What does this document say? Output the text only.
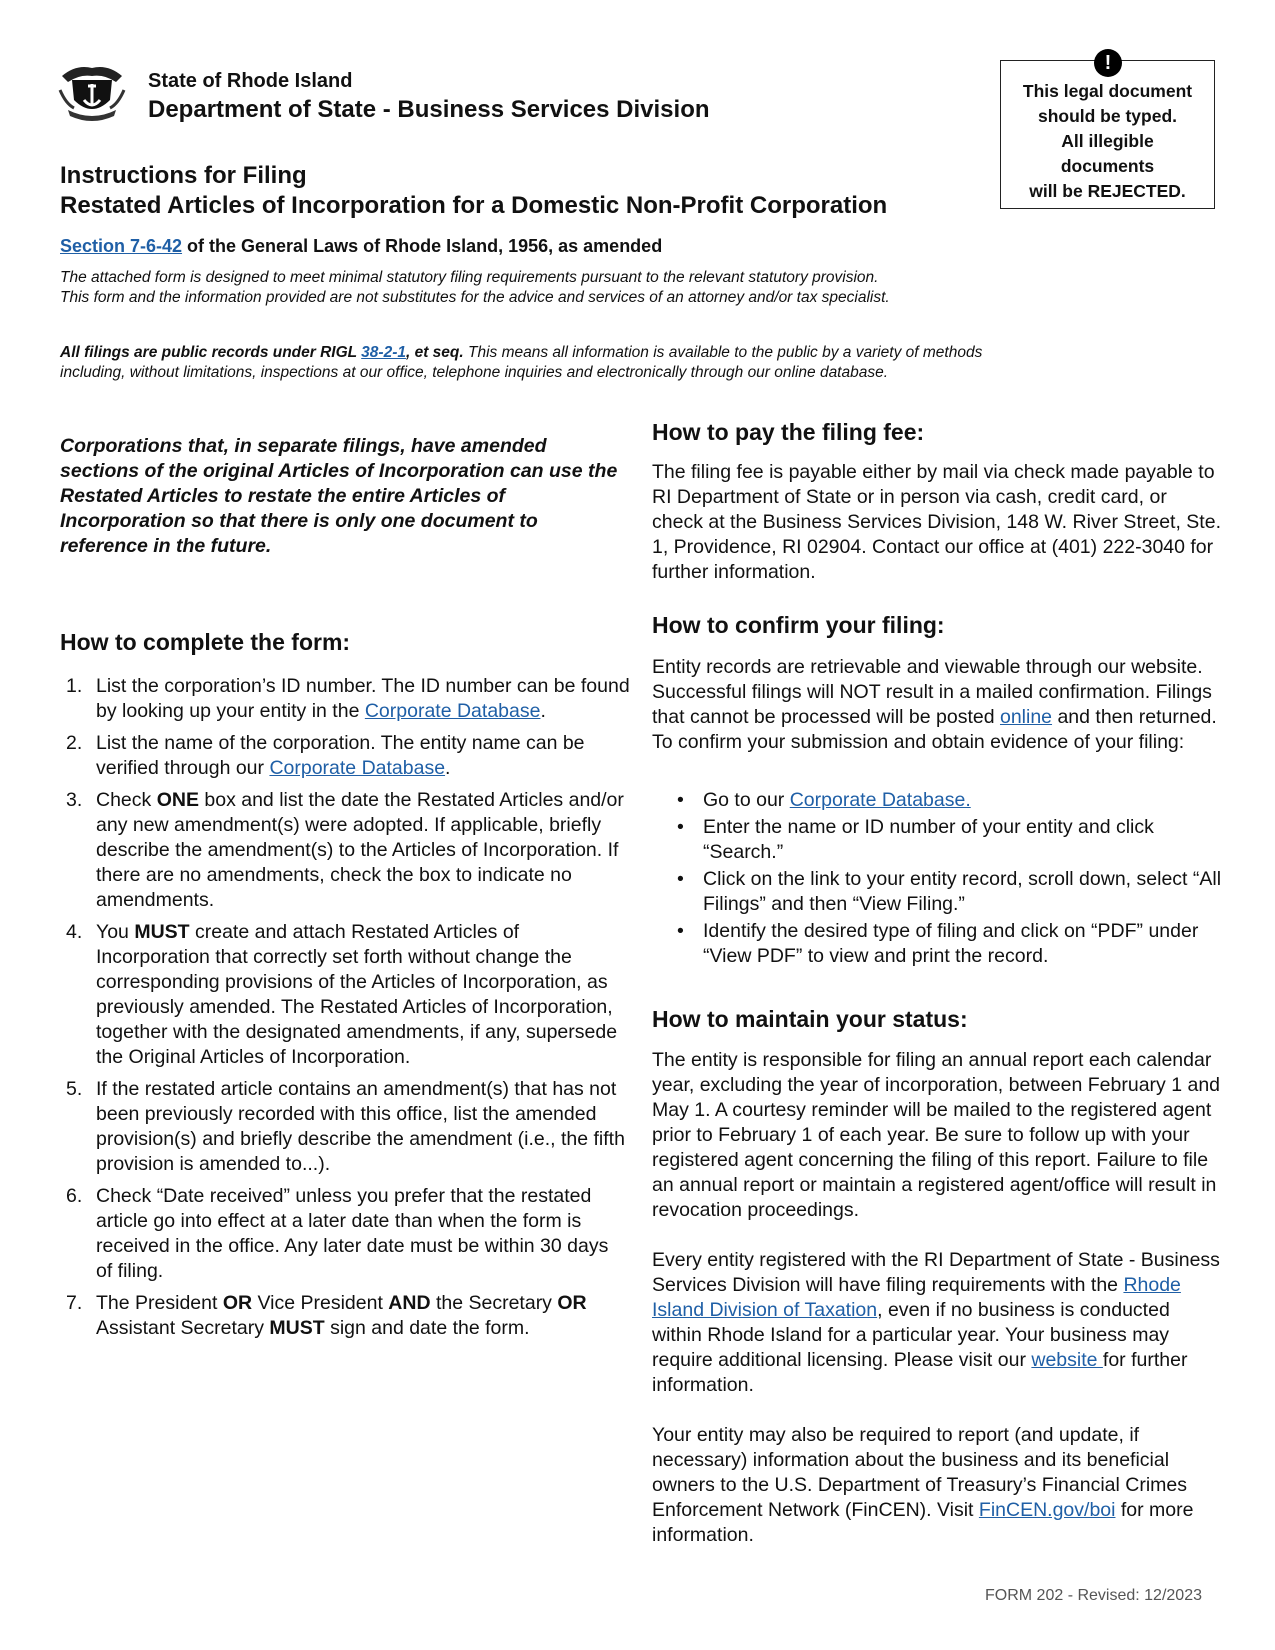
State of Rhode Island
Department of State - Business Services Division
!
This legal document
should be typed.
All illegible
documents
will be REJECTED.
Instructions for Filing
Restated Articles of Incorporation for a Domestic Non-Profit Corporation
Section 7-6-42 of the General Laws of Rhode Island, 1956, as amended
The attached form is designed to meet minimal statutory filing requirements pursuant to the relevant statutory provision.
This form and the information provided are not substitutes for the advice and services of an attorney and/or tax specialist.
All filings are public records under RIGL 38-2-1, et seq. This means all information is available to the public by a variety of methods
including, without limitations, inspections at our office, telephone inquiries and electronically through our online database.
Corporations that, in separate filings, have amended sections of the original Articles of Incorporation can use the Restated Articles to restate the entire Articles of Incorporation so that there is only one document to reference in the future.
How to complete the form:
1. List the corporation’s ID number. The ID number can be found by looking up your entity in the Corporate Database.
2. List the name of the corporation. The entity name can be verified through our Corporate Database.
3. Check ONE box and list the date the Restated Articles and/or any new amendment(s) were adopted. If applicable, briefly describe the amendment(s) to the Articles of Incorporation. If there are no amendments, check the box to indicate no amendments.
4. You MUST create and attach Restated Articles of Incorporation that correctly set forth without change the corresponding provisions of the Articles of Incorporation, as previously amended. The Restated Articles of Incorporation, together with the designated amendments, if any, supersede the Original Articles of Incorporation.
5. If the restated article contains an amendment(s) that has not been previously recorded with this office, list the amended provision(s) and briefly describe the amendment (i.e., the fifth provision is amended to...).
6. Check “Date received” unless you prefer that the restated article go into effect at a later date than when the form is received in the office. Any later date must be within 30 days of filing.
7. The President OR Vice President AND the Secretary OR Assistant Secretary MUST sign and date the form.
How to pay the filing fee:
The filing fee is payable either by mail via check made payable to RI Department of State or in person via cash, credit card, or check at the Business Services Division, 148 W. River Street, Ste. 1, Providence, RI 02904. Contact our office at (401) 222-3040 for further information.
How to confirm your filing:
Entity records are retrievable and viewable through our website. Successful filings will NOT result in a mailed confirmation. Filings that cannot be processed will be posted online and then returned. To confirm your submission and obtain evidence of your filing:
• Go to our Corporate Database.
• Enter the name or ID number of your entity and click “Search.”
• Click on the link to your entity record, scroll down, select “All Filings” and then “View Filing.”
• Identify the desired type of filing and click on “PDF” under “View PDF” to view and print the record.
How to maintain your status:
The entity is responsible for filing an annual report each calendar year, excluding the year of incorporation, between February 1 and May 1. A courtesy reminder will be mailed to the registered agent prior to February 1 of each year. Be sure to follow up with your registered agent concerning the filing of this report. Failure to file an annual report or maintain a registered agent/office will result in revocation proceedings.
Every entity registered with the RI Department of State - Business Services Division will have filing requirements with the Rhode Island Division of Taxation, even if no business is conducted within Rhode Island for a particular year. Your business may require additional licensing. Please visit our website for further information.
Your entity may also be required to report (and update, if necessary) information about the business and its beneficial owners to the U.S. Department of Treasury’s Financial Crimes Enforcement Network (FinCEN). Visit FinCEN.gov/boi for more information.
FORM 202 - Revised: 12/2023
